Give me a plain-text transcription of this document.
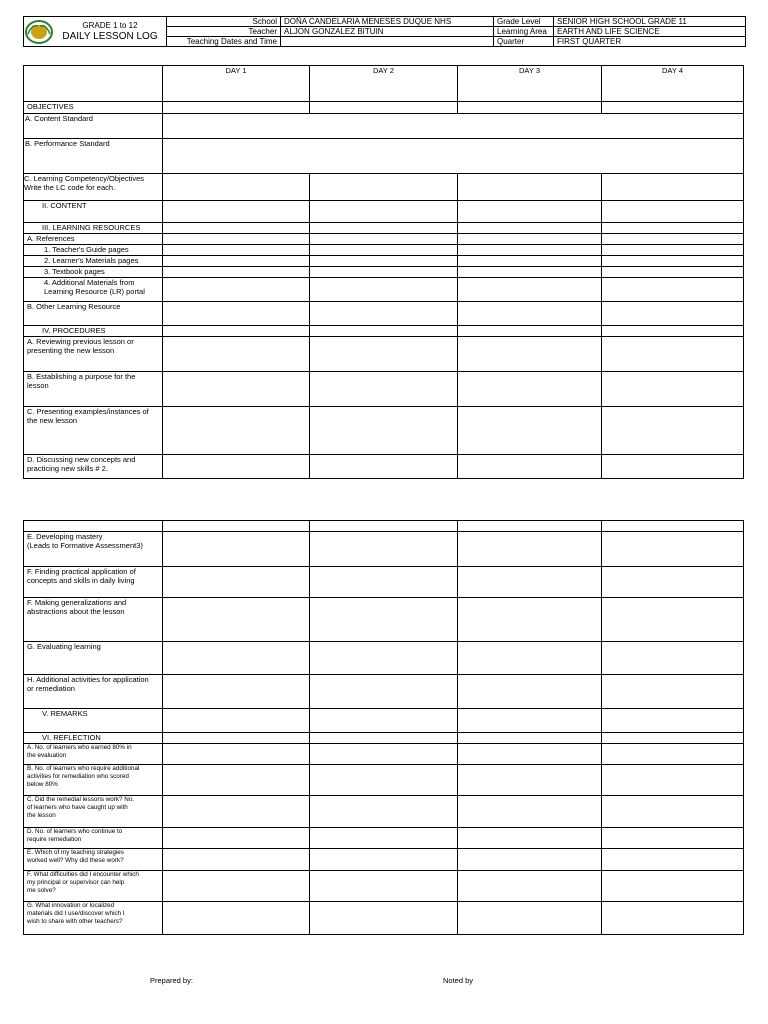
GRADE 1 to 12
DAILY LESSON LOG	School	DOÑA CANDELARIA MENESES DUQUE NHS	Grade Level	SENIOR HIGH SCHOOL GRADE 11
	Teacher	ALJON GONZALEZ BITUIN	Learning Area	EARTH AND LIFE SCIENCE
	Teaching Dates and Time		Quarter	FIRST QUARTER
	DAY 1	DAY 2	DAY 3	DAY 4
OBJECTIVES				
A. Content Standard				
B. Performance Standard				
C. Learning Competency/Objectives
Write the LC code for each.				
II. CONTENT				
III. LEARNING RESOURCES				
A. References				
1. Teacher's Guide pages				
2. Learner's Materials pages				
3. Textbook pages				
4. Additional Materials from
Learning Resource (LR) portal				
B. Other Learning Resource				
IV. PROCEDURES				
A. Reviewing previous lesson or
presenting the new lesson				
B. Establishing a purpose for the
lesson				
C. Presenting examples/instances of
the new lesson				
D. Discussing new concepts and
practicing new skills # 2.				

E. Developing mastery
(Leads to Formative Assessment3)				
F. Finding practical application of
concepts and skills in daily living				
F. Making generalizations and
abstractions about the lesson				
G. Evaluating learning				
H. Additional activities for application
or remediation				
V. REMARKS				
VI. REFLECTION				
A. No. of learners who earned 80% in
the evaluation				
B. No. of learners who require additional
activities for remediation who scored
below 80%				
C. Did the remedial lessons work? No.
of learners who have caught up with
the lesson				
D. No. of learners who continue to
require remediation				
E. Which of my teaching strategies
worked well? Why did these work?				
F. What difficulties did I encounter which
my principal or supervisor can help
me solve?				
G. What innovation or localized
materials did I use/discover which I
wish to share with other teachers?				
Prepared by:	Noted by
